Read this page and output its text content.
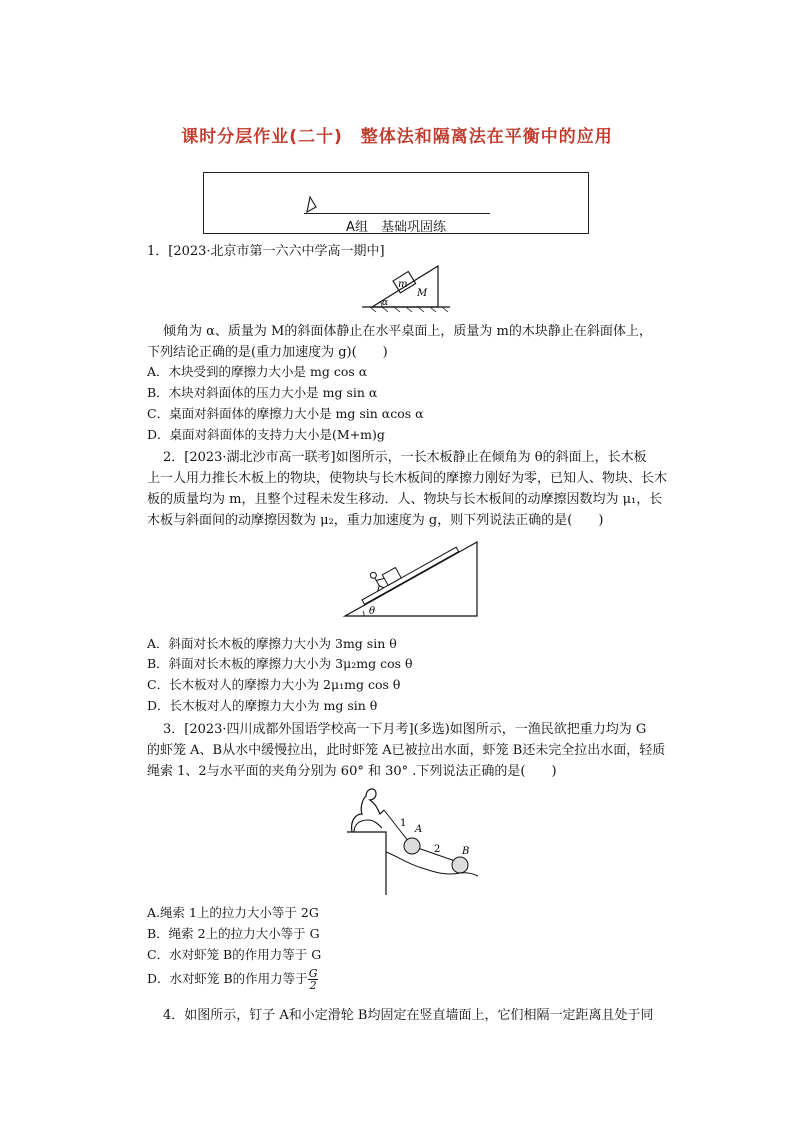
课时分层作业(二十)　整体法和隔离法在平衡中的应用
A组　基础巩固练
1．[2023·北京市第一六六中学高一期中]
m
M
α
倾角为 α、质量为 M的斜面体静止在水平桌面上，质量为 m的木块静止在斜面体上，
下列结论正确的是(重力加速度为 g)(　　)
A．木块受到的摩擦力大小是 mg cos α
B．木块对斜面体的压力大小是 mg sin α
C．桌面对斜面体的摩擦力大小是 mg sin αcos α
D．桌面对斜面体的支持力大小是(M+m)g
2．[2023·湖北沙市高一联考]如图所示，一长木板静止在倾角为 θ的斜面上，长木板
上一人用力推长木板上的物块，使物块与长木板间的摩擦力刚好为零，已知人、物块、长木
板的质量均为 m，且整个过程未发生移动．人、物块与长木板间的动摩擦因数均为 μ₁，长
木板与斜面间的动摩擦因数为 μ₂，重力加速度为 g，则下列说法正确的是(　　)
θ
A．斜面对长木板的摩擦力大小为 3mg sin θ
B．斜面对长木板的摩擦力大小为 3μ₂mg cos θ
C．长木板对人的摩擦力大小为 2μ₁mg cos θ
D．长木板对人的摩擦力大小为 mg sin θ
3．[2023·四川成都外国语学校高一下月考](多选)如图所示，一渔民欲把重力均为 G
的虾笼 A、B从水中缓慢拉出，此时虾笼 A已被拉出水面，虾笼 B还未完全拉出水面，轻质
绳索 1、2与水平面的夹角分别为 60° 和 30° .下列说法正确的是(　　)
1
A
2 B
A.绳索 1上的拉力大小等于 2G
B．绳索 2上的拉力大小等于 G
C．水对虾笼 B的作用力等于 G
D．水对虾笼 B的作用力等于 $\frac{G}{2}$
4．如图所示，钉子 A和小定滑轮 B均固定在竖直墙面上，它们相隔一定距离且处于同
